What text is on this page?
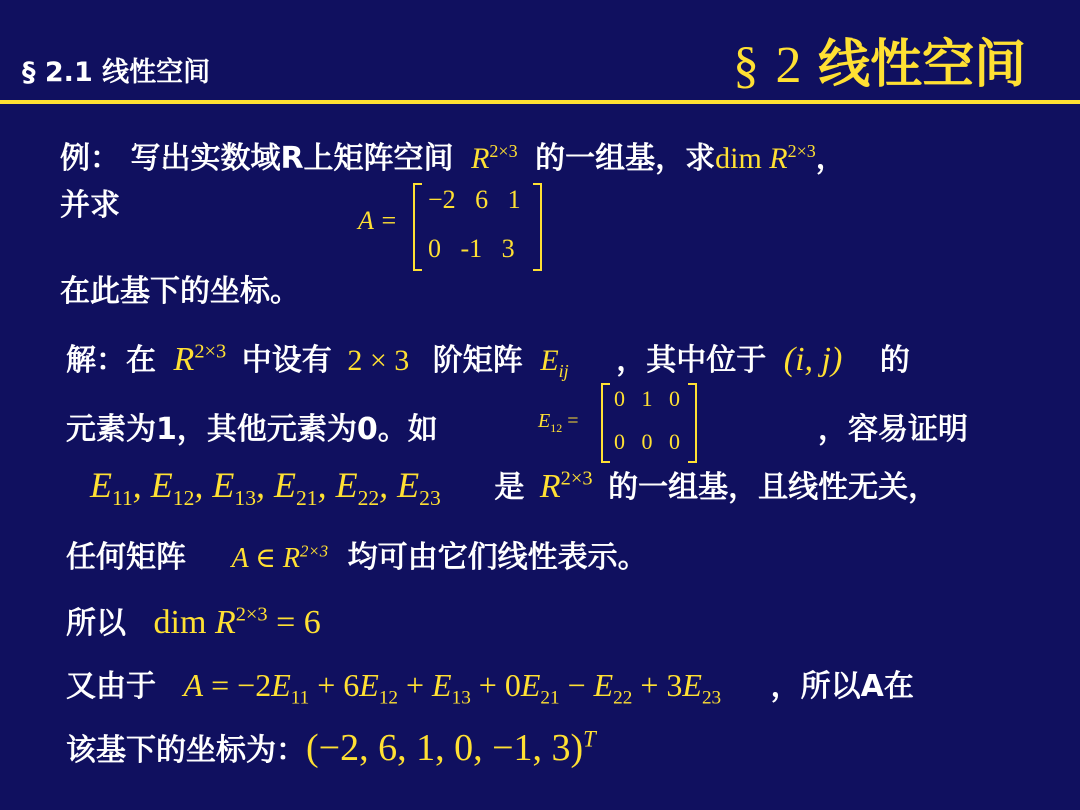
§ 2.1 线性空间	§ 2 线性空间
例： 写出实数域R上矩阵空间 $R^{2\times 3}$ 的一组基，求dim $R^{2\times 3}$，
并求	A =
−2   6   1
0   -1   3
在此基下的坐标。
解：在 $R^{2\times 3}$ 中设有 2 × 3 阶矩阵 $E_{ij}$ ，其中位于 (i, j) 的
元素为1，其他元素为0。如	$E_{12}$ =
0   1   0
0   0   0	，容易证明
$E_{11}$, $E_{12}$, $E_{13}$, $E_{21}$, $E_{22}$, $E_{23}$ 是 $R^{2\times 3}$ 的一组基，且线性无关，
任何矩阵 A ∈ $R^{2\times 3}$ 均可由它们线性表示。
所以 dim $R^{2\times 3} = 6$
又由于 $A = -2E_{11} + 6E_{12} + E_{13} + 0E_{21} - E_{22} + 3E_{23}$ ，所以A在
该基下的坐标为：(−2, 6, 1, 0, −1, 3)$^T$
